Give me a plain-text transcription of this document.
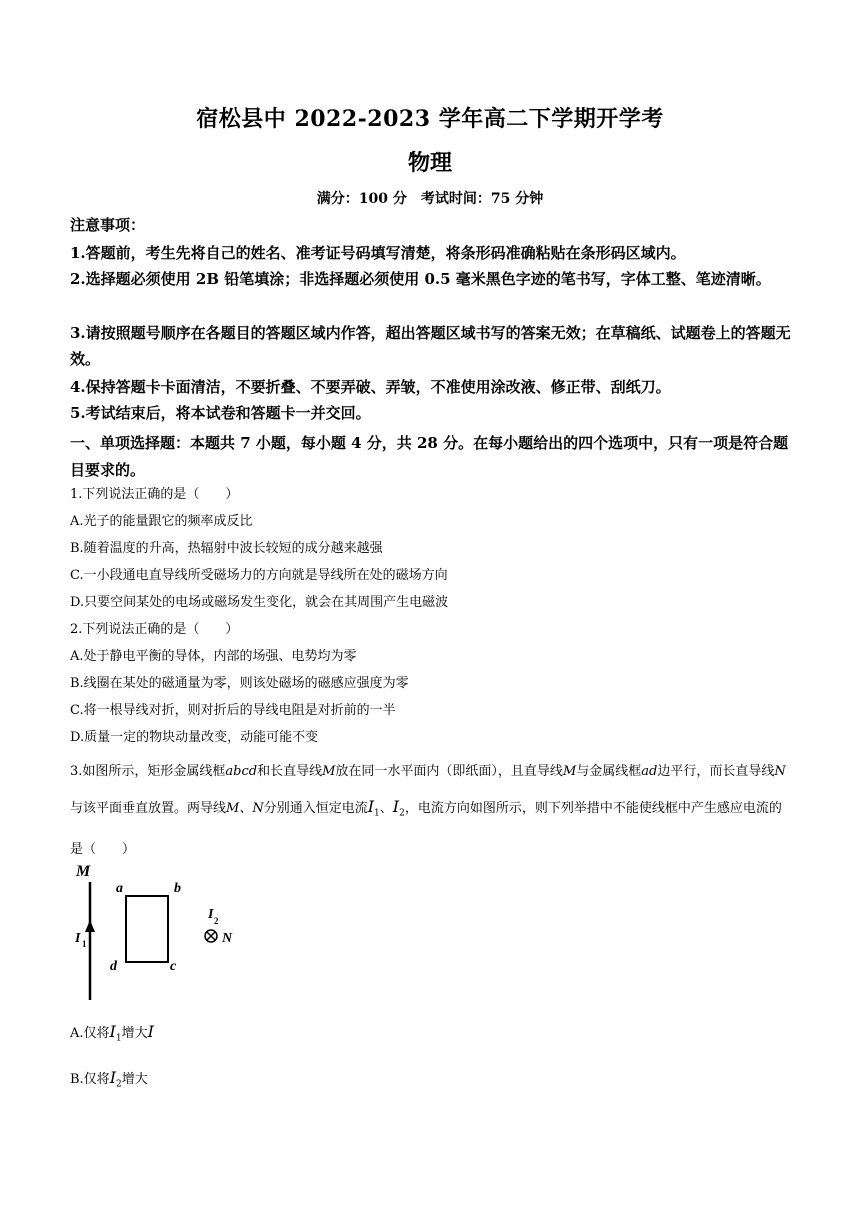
宿松县中 2022-2023 学年高二下学期开学考
物理
满分：100 分　考试时间：75 分钟
注意事项：
1.答题前，考生先将自己的姓名、准考证号码填写清楚，将条形码准确粘贴在条形码区域内。
2.选择题必须使用 2B 铅笔填涂；非选择题必须使用 0.5 毫米黑色字迹的笔书写，字体工整、笔迹清晰。
3.请按照题号顺序在各题目的答题区域内作答，超出答题区域书写的答案无效；在草稿纸、试题卷上的答题无效。
4.保持答题卡卡面清洁，不要折叠、不要弄破、弄皱，不准使用涂改液、修正带、刮纸刀。
5.考试结束后，将本试卷和答题卡一并交回。
一、单项选择题：本题共 7 小题，每小题 4 分，共 28 分。在每小题给出的四个选项中，只有一项是符合题目要求的。
1.下列说法正确的是（　　）
A.光子的能量跟它的频率成反比
B.随着温度的升高，热辐射中波长较短的成分越来越强
C.一小段通电直导线所受磁场力的方向就是导线所在处的磁场方向
D.只要空间某处的电场或磁场发生变化，就会在其周围产生电磁波
2.下列说法正确的是（　　）
A.处于静电平衡的导体，内部的场强、电势均为零
B.线圈在某处的磁通量为零，则该处磁场的磁感应强度为零
C.将一根导线对折，则对折后的导线电阻是对折前的一半
D.质量一定的物块动量改变，动能可能不变
3.如图所示，矩形金属线框abcd和长直导线M放在同一水平面内（即纸面），且直导线M与金属线框ad边平行，而长直导线N与该平面垂直放置。两导线M、N分别通入恒定电流$I_1$、$I_2$，电流方向如图所示，则下列举措中不能使线框中产生感应电流的是（　　）
M
I 1
a	b
c
d
I 2
N
A.仅将$I_1$增大I
B.仅将$I_2$增大
